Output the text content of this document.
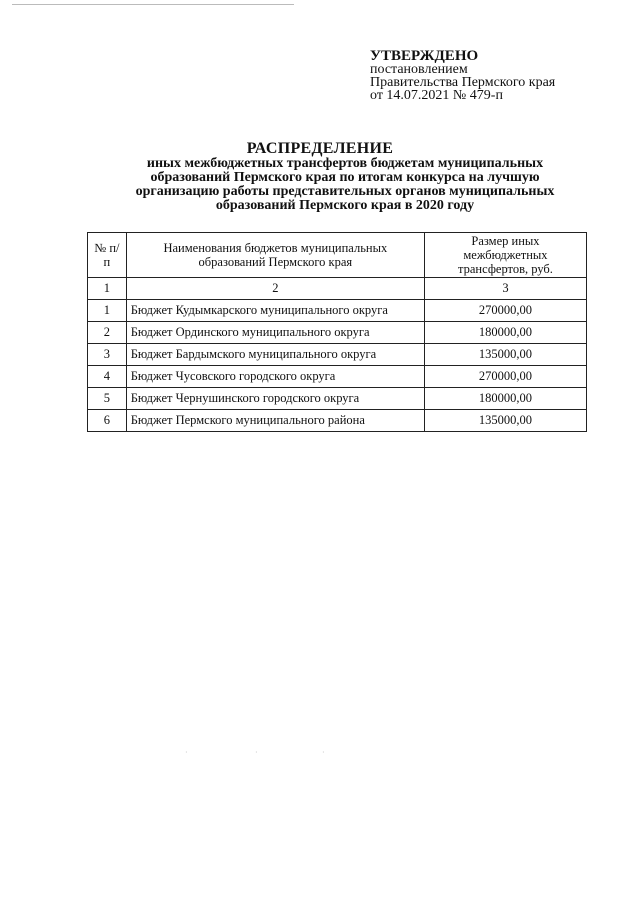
УТВЕРЖДЕНО
постановлением
Правительства Пермского края
от 14.07.2021 № 479-п
РАСПРЕДЕЛЕНИЕ
иных межбюджетных трансфертов бюджетам муниципальных образований Пермского края по итогам конкурса на лучшую организацию работы представительных органов муниципальных образований Пермского края в 2020 году
№ п/п	Наименования бюджетов муниципальных образований Пермского края	Размер иных межбюджетных трансфертов, руб.
1	2	3
1	Бюджет Кудымкарского муниципального округа	270000,00
2	Бюджет Ординского муниципального округа	180000,00
3	Бюджет Бардымского муниципального округа	135000,00
4	Бюджет Чусовского городского округа	270000,00
5	Бюджет Чернушинского городского округа	180000,00
6	Бюджет Пермского муниципального района	135000,00
·	·	·
